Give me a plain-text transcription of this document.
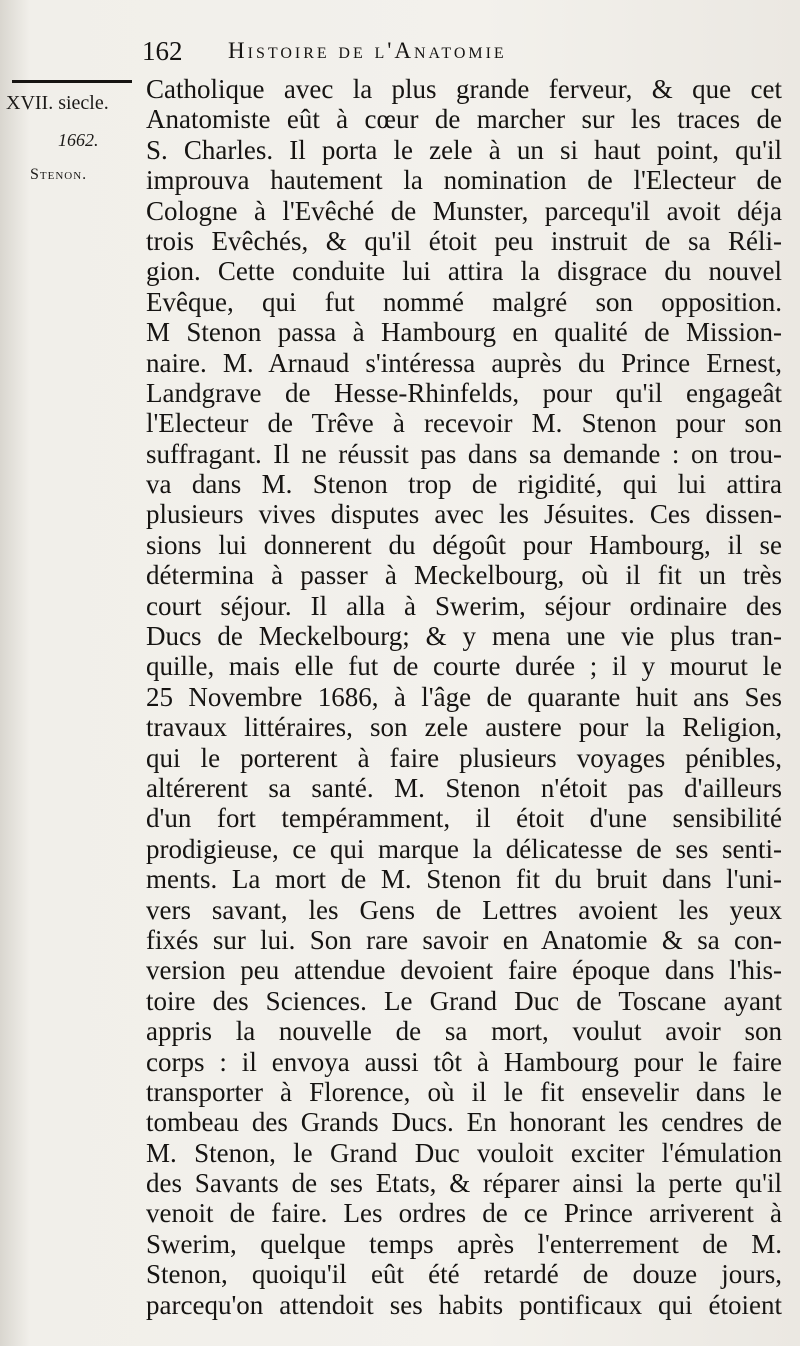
162 Histoire de l'Anatomie
XVII. siecle.
1662.
Stenon.
Catholique avec la plus grande ferveur, & que cet
Anatomiste eût à cœur de marcher sur les traces de
S. Charles. Il porta le zele à un si haut point, qu'il
improuva hautement la nomination de l'Electeur de
Cologne à l'Evêché de Munster, parcequ'il avoit déja
trois Evêchés, & qu'il étoit peu instruit de sa Réli-
gion. Cette conduite lui attira la disgrace du nouvel
Evêque, qui fut nommé malgré son opposition.
M Stenon passa à Hambourg en qualité de Mission-
naire. M. Arnaud s'intéressa auprès du Prince Ernest,
Landgrave de Hesse-Rhinfelds, pour qu'il engageât
l'Electeur de Trêve à recevoir M. Stenon pour son
suffragant. Il ne réussit pas dans sa demande : on trou-
va dans M. Stenon trop de rigidité, qui lui attira
plusieurs vives disputes avec les Jésuites. Ces dissen-
sions lui donnerent du dégoût pour Hambourg, il se
détermina à passer à Meckelbourg, où il fit un très
court séjour. Il alla à Swerim, séjour ordinaire des
Ducs de Meckelbourg; & y mena une vie plus tran-
quille, mais elle fut de courte durée ; il y mourut le
25 Novembre 1686, à l'âge de quarante huit ans Ses
travaux littéraires, son zele austere pour la Religion,
qui le porterent à faire plusieurs voyages pénibles,
altérerent sa santé. M. Stenon n'étoit pas d'ailleurs
d'un fort tempéramment, il étoit d'une sensibilité
prodigieuse, ce qui marque la délicatesse de ses senti-
ments. La mort de M. Stenon fit du bruit dans l'uni-
vers savant, les Gens de Lettres avoient les yeux
fixés sur lui. Son rare savoir en Anatomie & sa con-
version peu attendue devoient faire époque dans l'his-
toire des Sciences. Le Grand Duc de Toscane ayant
appris la nouvelle de sa mort, voulut avoir son
corps : il envoya aussi tôt à Hambourg pour le faire
transporter à Florence, où il le fit ensevelir dans le
tombeau des Grands Ducs. En honorant les cendres de
M. Stenon, le Grand Duc vouloit exciter l'émulation
des Savants de ses Etats, & réparer ainsi la perte qu'il
venoit de faire. Les ordres de ce Prince arriverent à
Swerim, quelque temps après l'enterrement de M.
Stenon, quoiqu'il eût été retardé de douze jours,
parcequ'on attendoit ses habits pontificaux qui étoient
